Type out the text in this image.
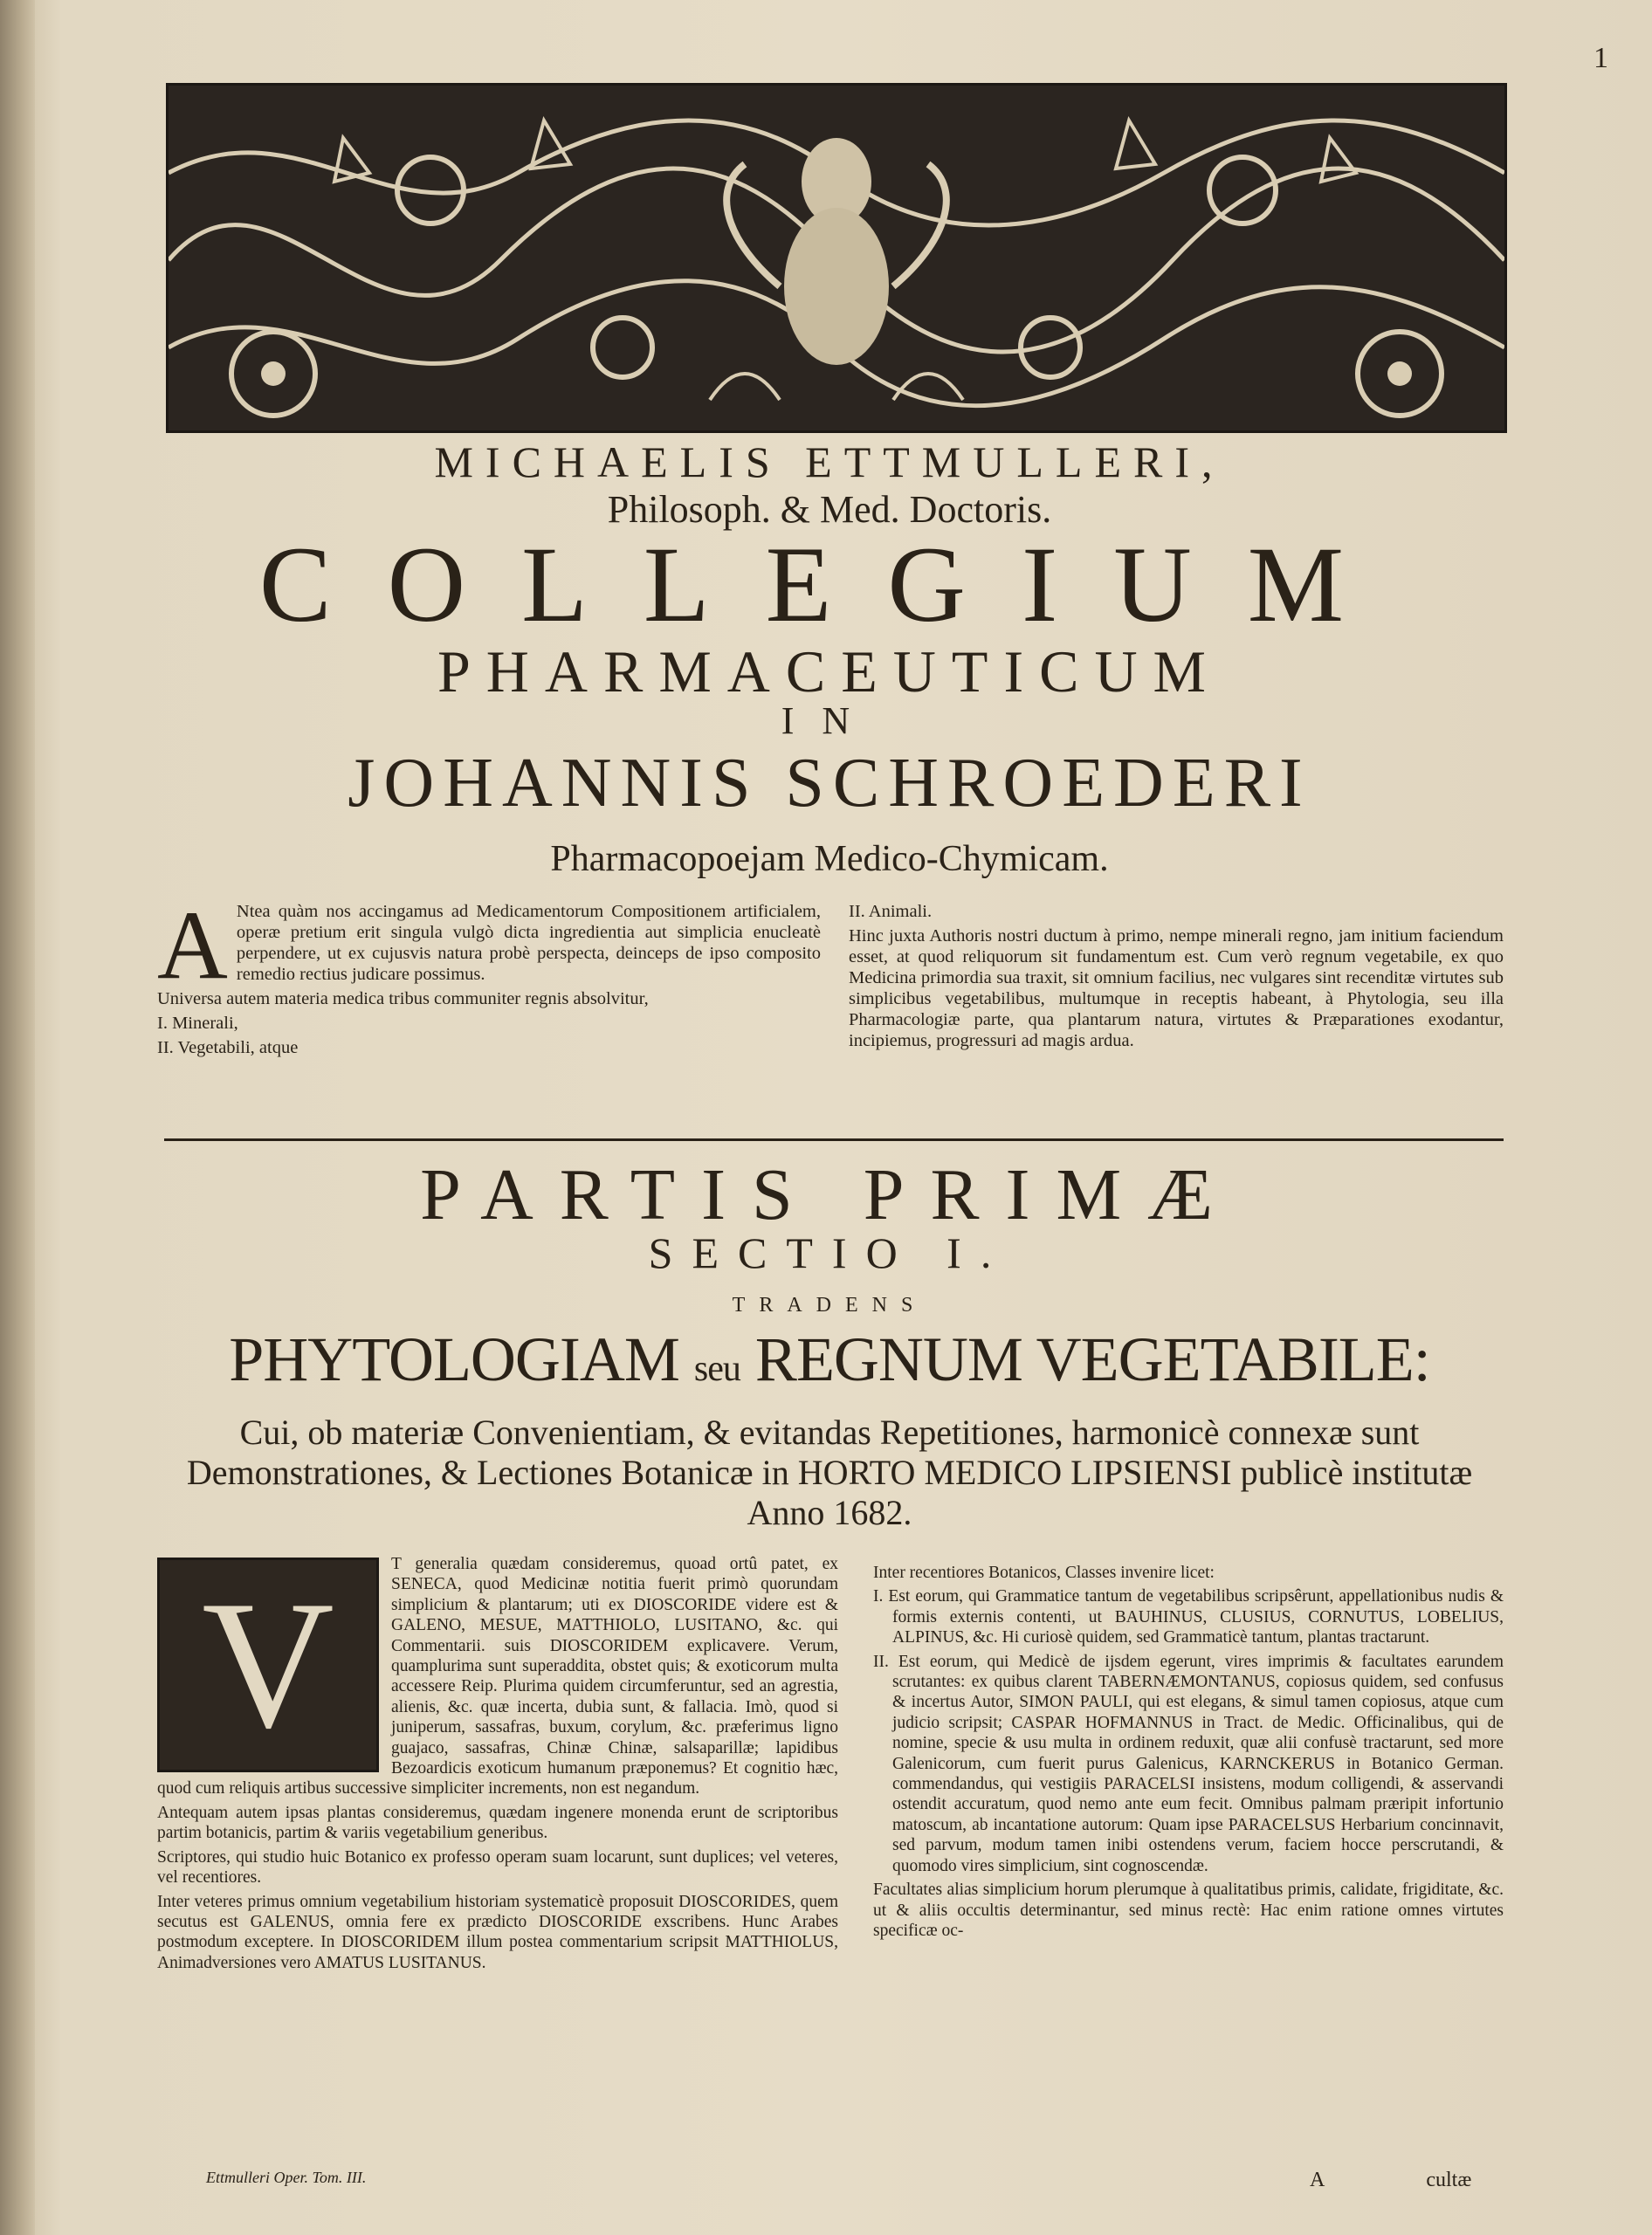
1
MICHAELIS ETTMULLERI,
Philosoph. & Med. Doctoris.
COLLEGIUM
PHARMACEUTICUM
IN
JOHANNIS SCHROEDERI
Pharmacopoejam Medico-Chymicam.
A Ntea quàm nos accingamus ad Medicamentorum Compositionem artificialem, operæ pretium erit singula vulgò dicta ingredientia aut simplicia enucleatè perpendere, ut ex cujusvis natura probè perspecta, deinceps de ipso composito remedio rectius judicare possimus.

Universa autem materia medica tribus communiter regnis absolvitur,

I. Minerali,

II. Vegetabili, atque

II. Animali.

Hinc juxta Authoris nostri ductum à primo, nempe minerali regno, jam initium faciendum esset, at quod reliquorum sit fundamentum est. Cum verò regnum vegetabile, ex quo Medicina primordia sua traxit, sit omnium facilius, nec vulgares sint recenditæ virtutes sub simplicibus vegetabilibus, multumque in receptis habeant, à Phytologia, seu illa Pharmacologiæ parte, qua plantarum natura, virtutes & Præparationes exodantur, incipiemus, progressuri ad magis ardua.

PARTIS PRIMÆ
SECTIO I.
TRADENS
PHYTOLOGIAM seu REGNUM VEGETABILE:
Cui, ob materiæ Convenientiam, & evitandas Repetitiones, harmonicè connexæ sunt Demonstrationes, & Lectiones Botanicæ in HORTO MEDICO LIPSIENSI publicè institutæ Anno 1682.
V	T generalia quædam consideremus, quoad ortû patet, ex SENECA, quod Medicinæ notitia fuerit primò quorundam simplicium & plantarum; uti ex DIOSCORIDE videre est & GALENO, MESUE, MATTHIOLO, LUSITANO, &c. qui Commentarii. suis DIOSCORIDEM explicavere. Verum, quamplurima sunt superaddita, obstet quis; & exoticorum multa accessere Reip. Plurima quidem circumferuntur, sed an agrestia, alienis, &c. quæ incerta, dubia sunt, & fallacia. Imò, quod si juniperum, sassafras, buxum, corylum, &c. præferimus ligno guajaco, sassafras, Chinæ Chinæ, salsaparillæ; lapidibus Bezoardicis exoticum humanum præponemus? Et cognitio hæc, quod cum reliquis artibus successive simpliciter increments, non est negandum.

Antequam autem ipsas plantas consideremus, quædam ingenere monenda erunt de scriptoribus partim botanicis, partim & variis vegetabilium generibus.

Scriptores, qui studio huic Botanico ex professo operam suam locarunt, sunt duplices; vel veteres, vel recentiores.

Inter veteres primus omnium vegetabilium historiam systematicè proposuit DIOSCORIDES, quem secutus est GALENUS, omnia fere ex prædicto DIOSCORIDE exscribens. Hunc Arabes postmodum exceptere. In DIOSCORIDEM illum postea commentarium scripsit MATTHIOLUS, Animadversiones vero AMATUS LUSITANUS.

Inter recentiores Botanicos, Classes invenire licet:

I. Est eorum, qui Grammatice tantum de vegetabilibus scripsêrunt, appellationibus nudis & formis externis contenti, ut BAUHINUS, CLUSIUS, CORNUTUS, LOBELIUS, ALPINUS, &c. Hi curiosè quidem, sed Grammaticè tantum, plantas tractarunt.

II. Est eorum, qui Medicè de ijsdem egerunt, vires imprimis & facultates earundem scrutantes: ex quibus clarent TABERNÆMONTANUS, copiosus quidem, sed confusus & incertus Autor, SIMON PAULI, qui est elegans, & simul tamen copiosus, atque cum judicio scripsit; CASPAR HOFMANNUS in Tract. de Medic. Officinalibus, qui de nomine, specie & usu multa in ordinem reduxit, quæ alii confusè tractarunt, sed more Galenicorum, cum fuerit purus Galenicus, KARNCKERUS in Botanico German. commendandus, qui vestigiis PARACELSI insistens, modum colligendi, & asservandi ostendit accuratum, quod nemo ante eum fecit. Omnibus palmam præripit infortunio matoscum, ab incantatione autorum: Quam ipse PARACELSUS Herbarium concinnavit, sed parvum, modum tamen inibi ostendens verum, faciem hocce perscrutandi, & quomodo vires simplicium, sint cognoscendæ.

Facultates alias simplicium horum plerumque à qualitatibus primis, calidate, frigiditate, &c. ut & aliis occultis determinantur, sed minus rectè: Hac enim ratione omnes virtutes specificæ oc-

Ettmulleri Oper. Tom. III.	A	cultæ
